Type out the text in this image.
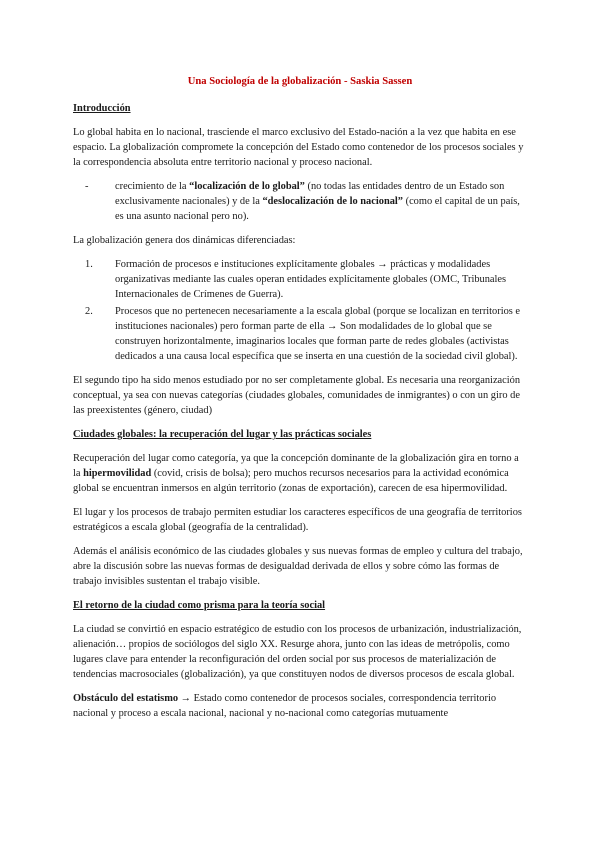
Una Sociología de la globalización - Saskia Sassen
Introducción

Lo global habita en lo nacional, trasciende el marco exclusivo del Estado-nación a la vez que habita en ese espacio. La globalización compromete la concepción del Estado como contenedor de los procesos sociales y la correspondencia absoluta entre territorio nacional y proceso nacional.

-	crecimiento de la “localización de lo global” (no todas las entidades dentro de un Estado son exclusivamente nacionales) y de la “deslocalización de lo nacional” (como el capital de un país, es una asunto nacional pero no).

La globalización genera dos dinámicas diferenciadas:

1. Formación de procesos e instituciones explícitamente globales → prácticas y modalidades organizativas mediante las cuales operan entidades explícitamente globales (OMC, Tribunales Internacionales de Crímenes de Guerra).
2. Procesos que no pertenecen necesariamente a la escala global (porque se localizan en territorios e instituciones nacionales) pero forman parte de ella → Son modalidades de lo global que se construyen horizontalmente, imaginarios locales que forman parte de redes globales (activistas dedicados a una causa local específica que se inserta en una cuestión de la sociedad civil global).

El segundo tipo ha sido menos estudiado por no ser completamente global. Es necesaria una reorganización conceptual, ya sea con nuevas categorías (ciudades globales, comunidades de inmigrantes) o con un giro de las preexistentes (género, ciudad)

Ciudades globales: la recuperación del lugar y las prácticas sociales

Recuperación del lugar como categoría, ya que la concepción dominante de la globalización gira en torno a la hipermovilidad (covid, crisis de bolsa); pero muchos recursos necesarios para la actividad económica global se encuentran inmersos en algún territorio (zonas de exportación), carecen de esa hipermovilidad.

El lugar y los procesos de trabajo permiten estudiar los caracteres específicos de una geografía de territorios estratégicos a escala global (geografía de la centralidad).

Además el análisis económico de las ciudades globales y sus nuevas formas de empleo y cultura del trabajo, abre la discusión sobre las nuevas formas de desigualdad derivada de ellos y sobre cómo las formas de trabajo invisibles sustentan el trabajo visible.

El retorno de la ciudad como prisma para la teoría social

La ciudad se convirtió en espacio estratégico de estudio con los procesos de urbanización, industrialización, alienación… propios de sociólogos del siglo XX. Resurge ahora, junto con las ideas de metrópolis, como lugares clave para entender la reconfiguración del orden social por sus procesos de materialización de tendencias macrosociales (globalización), ya que constituyen nodos de diversos procesos de escala global.

Obstáculo del estatismo → Estado como contenedor de procesos sociales, correspondencia territorio nacional y proceso a escala nacional, nacional y no-nacional como categorías mutuamente
